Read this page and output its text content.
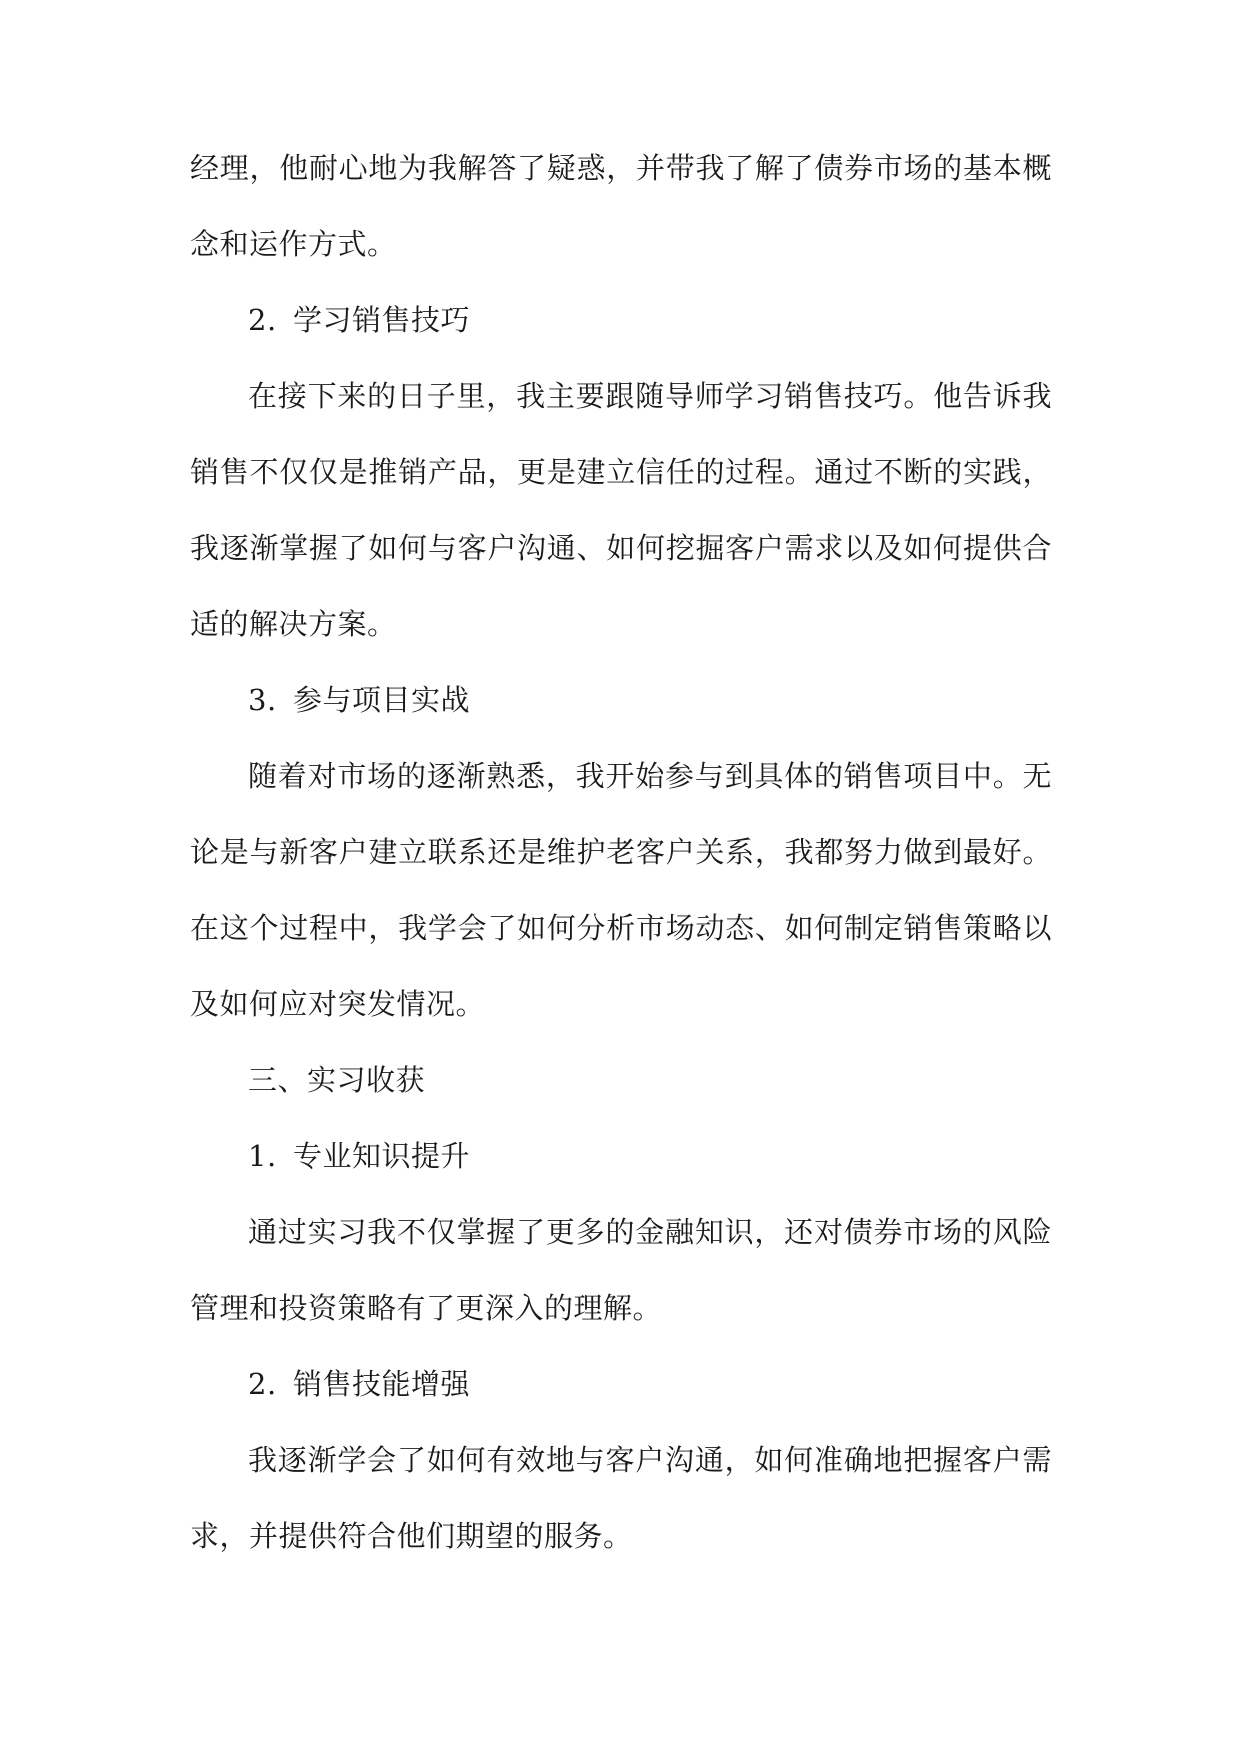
经理，他耐心地为我解答了疑惑，并带我了解了债券市场的基本概念和运作方式。

2. 学习销售技巧

在接下来的日子里，我主要跟随导师学习销售技巧。他告诉我销售不仅仅是推销产品，更是建立信任的过程。通过不断的实践，我逐渐掌握了如何与客户沟通、如何挖掘客户需求以及如何提供合适的解决方案。

3. 参与项目实战

随着对市场的逐渐熟悉，我开始参与到具体的销售项目中。无论是与新客户建立联系还是维护老客户关系，我都努力做到最好。在这个过程中，我学会了如何分析市场动态、如何制定销售策略以及如何应对突发情况。

三、实习收获

1. 专业知识提升

通过实习我不仅掌握了更多的金融知识，还对债券市场的风险管理和投资策略有了更深入的理解。

2. 销售技能增强

我逐渐学会了如何有效地与客户沟通，如何准确地把握客户需求，并提供符合他们期望的服务。
